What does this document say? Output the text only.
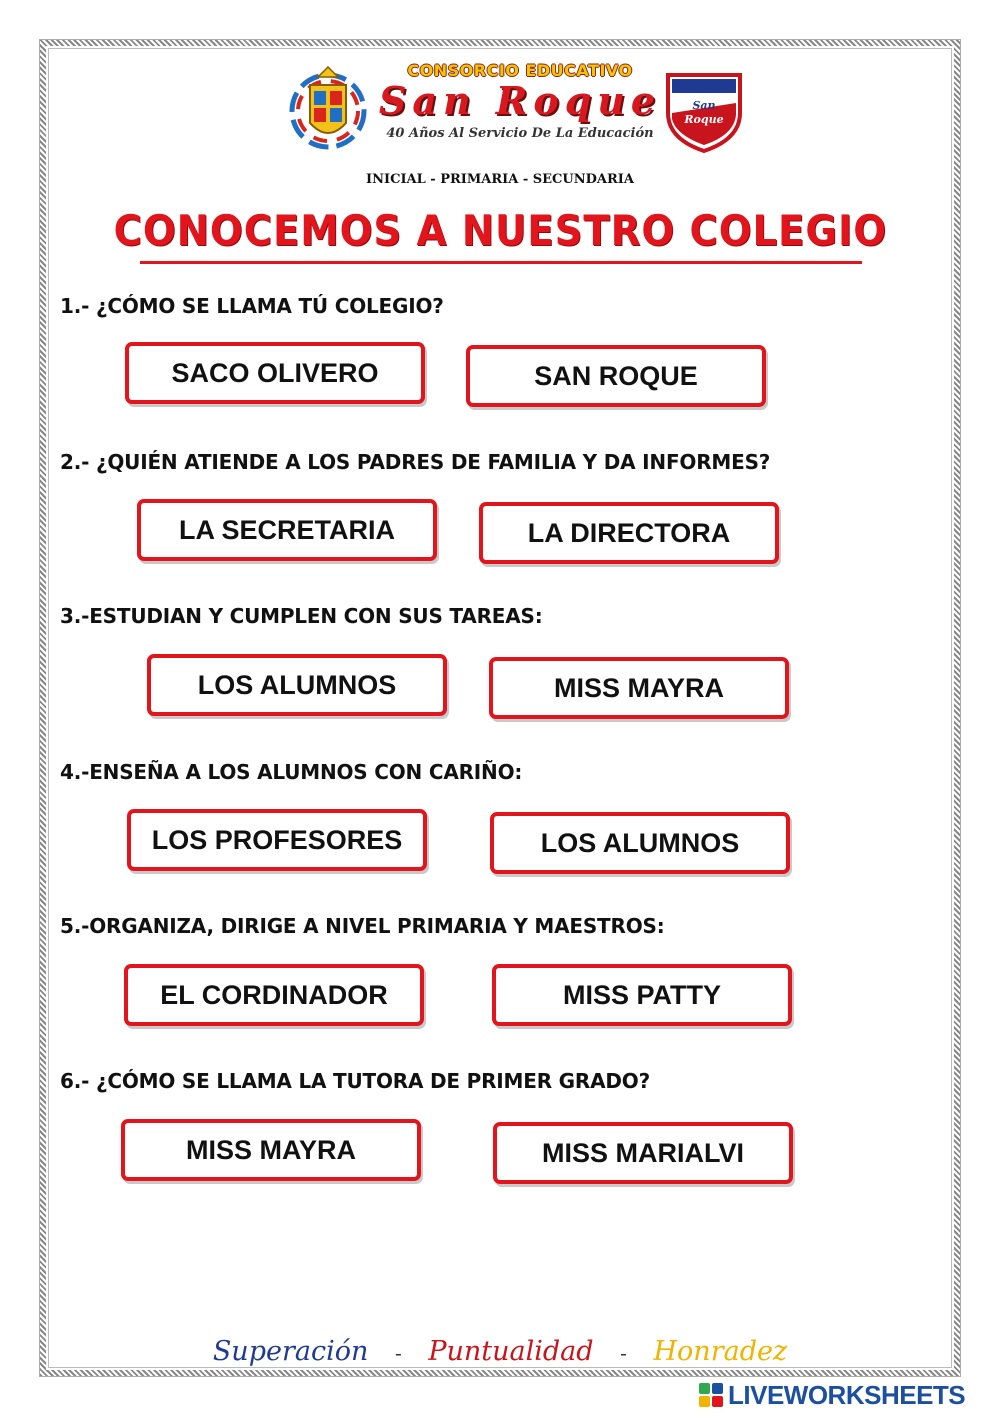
CONSORCIO EDUCATIVO
San Roque
40 Años Al Servicio De La Educación
San
Roque
INICIAL - PRIMARIA - SECUNDARIA
CONOCEMOS A NUESTRO COLEGIO
1.- ¿CÓMO SE LLAMA TÚ COLEGIO?
SACO OLIVERO	SAN ROQUE
2.- ¿QUIÉN ATIENDE A LOS PADRES DE FAMILIA Y DA INFORMES?
LA SECRETARIA	LA DIRECTORA
3.-ESTUDIAN Y CUMPLEN CON SUS TAREAS:
LOS ALUMNOS	MISS MAYRA
4.-ENSEÑA A LOS ALUMNOS CON CARIÑO:
LOS PROFESORES	LOS ALUMNOS
5.-ORGANIZA, DIRIGE A NIVEL PRIMARIA Y MAESTROS:
EL CORDINADOR	MISS PATTY
6.- ¿CÓMO SE LLAMA LA TUTORA DE PRIMER GRADO?
MISS MAYRA	MISS MARIALVI
Superación - Puntualidad - Honradez
LIVEWORKSHEETS
